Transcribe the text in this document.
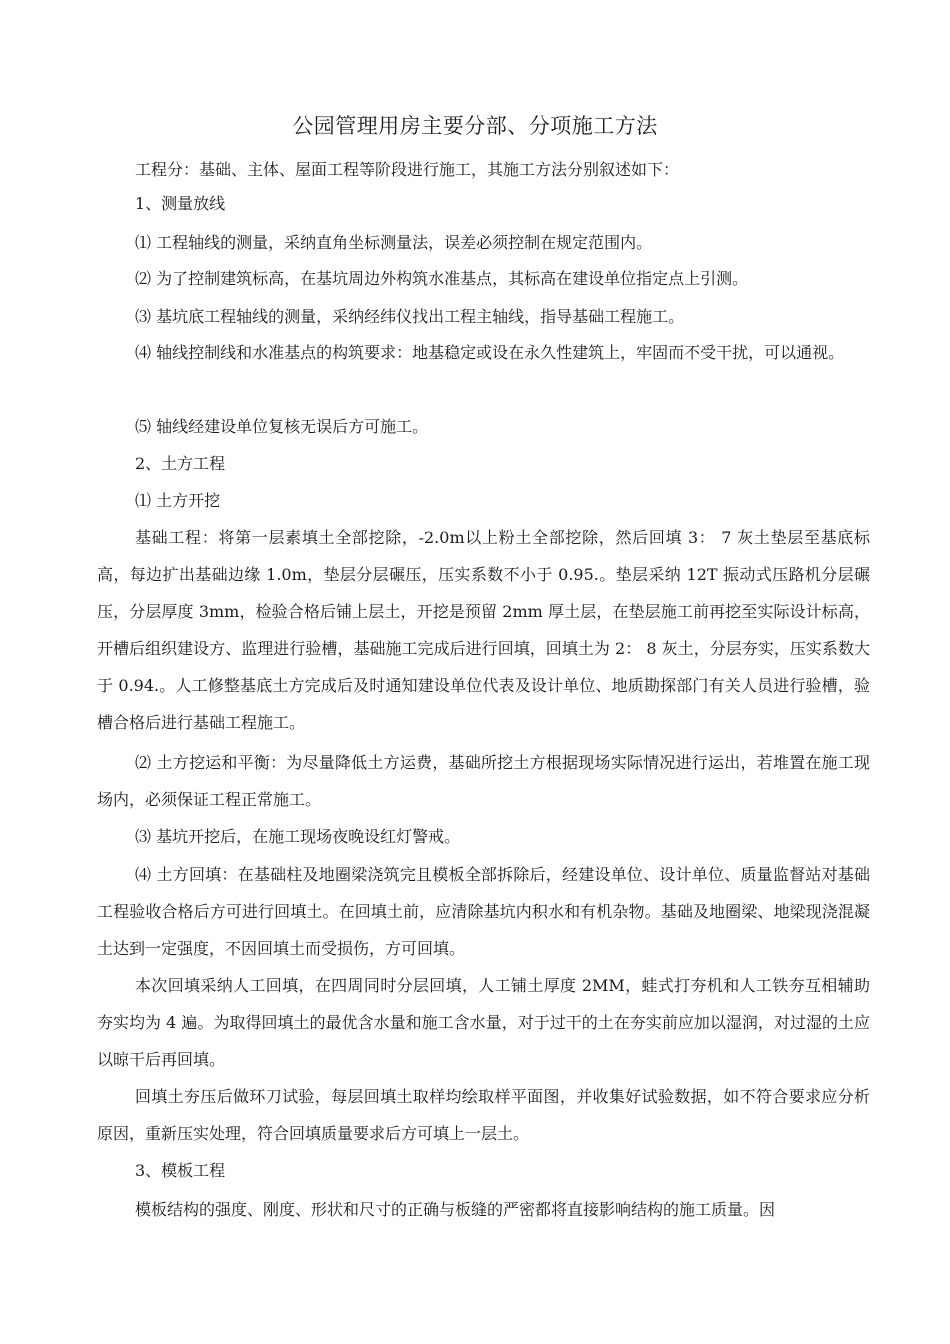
公园管理用房主要分部、分项施工方法

工程分：基础、主体、屋面工程等阶段进行施工，其施工方法分别叙述如下：

1、测量放线

⑴ 工程轴线的测量，采纳直角坐标测量法，误差必须控制在规定范围内。

⑵ 为了控制建筑标高，在基坑周边外构筑水准基点，其标高在建设单位指定点上引测。

⑶ 基坑底工程轴线的测量，采纳经纬仪找出工程主轴线，指导基础工程施工。

⑷ 轴线控制线和水准基点的构筑要求：地基稳定或设在永久性建筑上，牢固而不受干扰，可以通视。

⑸ 轴线经建设单位复核无误后方可施工。

2、土方工程

⑴ 土方开挖

基础工程：将第一层素填土全部挖除，-2.0m以上粉土全部挖除，然后回填 3： 7 灰土垫层至基底标高，每边扩出基础边缘 1.0m，垫层分层碾压，压实系数不小于 0.95.。垫层采纳 12T 振动式压路机分层碾压，分层厚度 3mm，检验合格后铺上层土，开挖是预留 2mm 厚土层，在垫层施工前再挖至实际设计标高，开槽后组织建设方、监理进行验槽，基础施工完成后进行回填，回填土为 2： 8 灰土，分层夯实，压实系数大于 0.94.。人工修整基底土方完成后及时通知建设单位代表及设计单位、地质勘探部门有关人员进行验槽，验槽合格后进行基础工程施工。

⑵ 土方挖运和平衡：为尽量降低土方运费，基础所挖土方根据现场实际情况进行运出，若堆置在施工现场内，必须保证工程正常施工。

⑶ 基坑开挖后，在施工现场夜晚设红灯警戒。

⑷ 土方回填：在基础柱及地圈梁浇筑完且模板全部拆除后，经建设单位、设计单位、质量监督站对基础工程验收合格后方可进行回填土。在回填土前，应清除基坑内积水和有机杂物。基础及地圈梁、地梁现浇混凝土达到一定强度，不因回填土而受损伤，方可回填。

本次回填采纳人工回填，在四周同时分层回填，人工铺土厚度 2MM，蛙式打夯机和人工铁夯互相辅助夯实均为 4 遍。为取得回填土的最优含水量和施工含水量，对于过干的土在夯实前应加以湿润，对过湿的土应以晾干后再回填。

回填土夯压后做环刀试验，每层回填土取样均绘取样平面图，并收集好试验数据，如不符合要求应分析原因，重新压实处理，符合回填质量要求后方可填上一层土。

3、模板工程

模板结构的强度、刚度、形状和尺寸的正确与板缝的严密都将直接影响结构的施工质量。因
